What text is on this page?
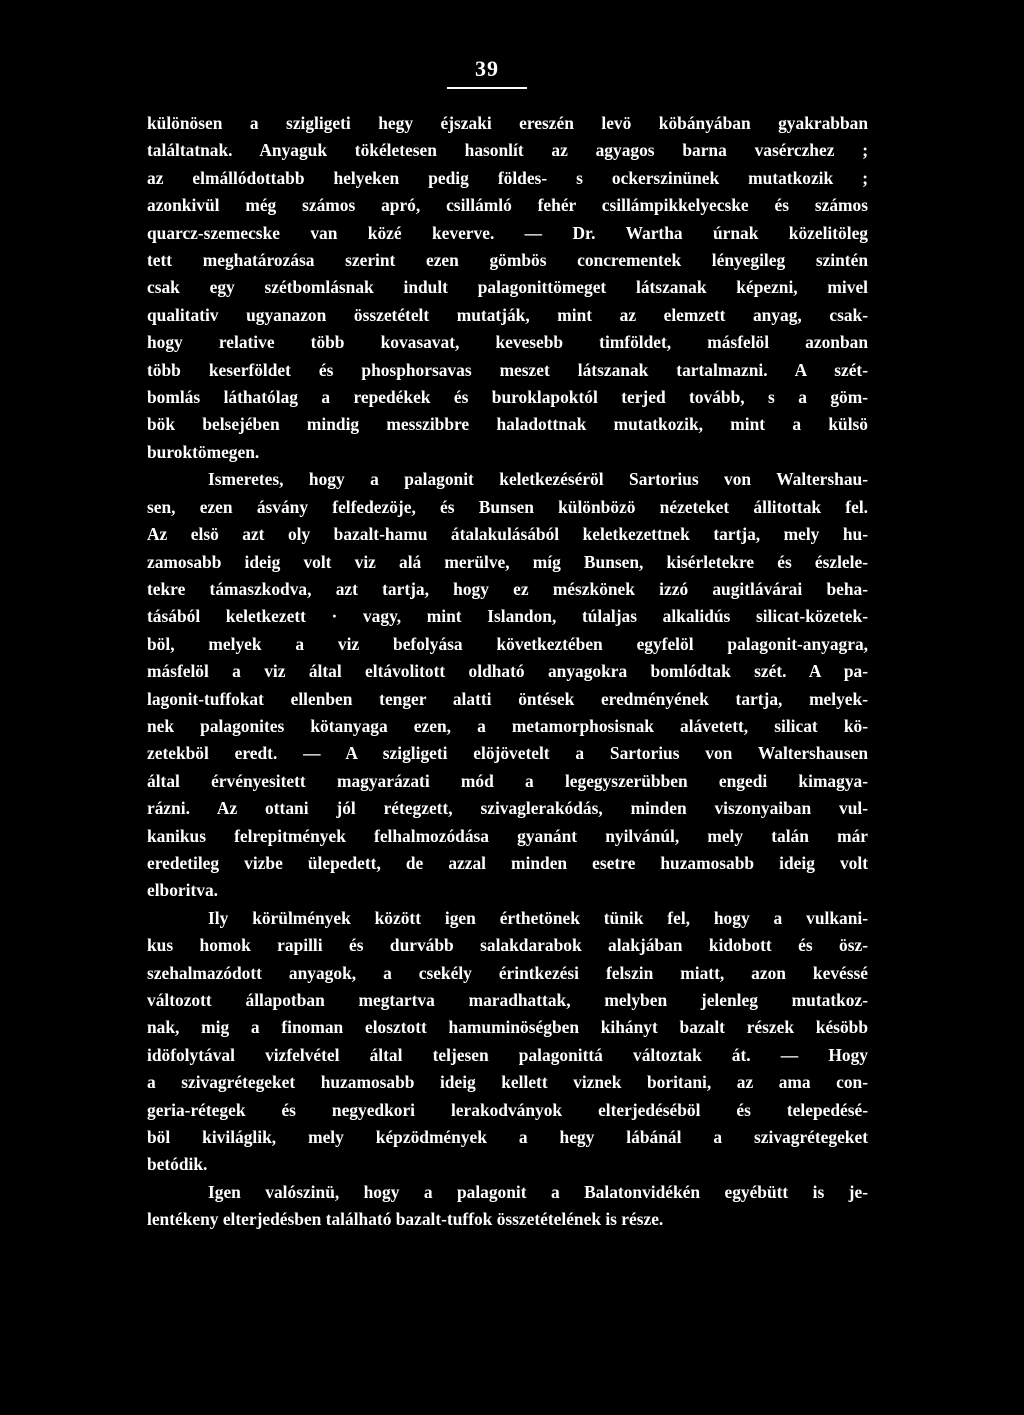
39
különösen a szigligeti hegy éjszaki ereszén levö köbányában gyakrabban
találtatnak. Anyaguk tökéletesen hasonlít az agyagos barna vasérczhez ;
az elmállódottabb helyeken pedig földes- s ockerszinünek mutatkozik ;
azonkivül még számos apró, csillámló fehér csillámpikkelyecske és számos
quarcz-szemecske van közé keverve. — Dr. Wartha úrnak közelitöleg
tett meghatározása szerint ezen gömbös concrementek lényegileg szintén
csak egy szétbomlásnak indult palagonittömeget látszanak képezni, mivel
qualitativ ugyanazon összetételt mutatják, mint az elemzett anyag, csak-
hogy relative több kovasavat, kevesebb timföldet, másfelöl azonban
több keserföldet és phosphorsavas meszet látszanak tartalmazni. A szét-
bomlás láthatólag a repedékek és buroklapoktól terjed tovább, s a göm-
bök belsejében mindig messzibbre haladottnak mutatkozik, mint a külsö
buroktömegen.
Ismeretes, hogy a palagonit keletkezéséröl Sartorius von Waltershau-
sen, ezen ásvány felfedezöje, és Bunsen különbözö nézeteket állitottak fel.
Az elsö azt oly bazalt-hamu átalakulásából keletkezettnek tartja, mely hu-
zamosabb ideig volt viz alá merülve, míg Bunsen, kisérletekre és észlele-
tekre támaszkodva, azt tartja, hogy ez mészkönek izzó augitlávárai beha-
tásából keletkezett · vagy, mint Islandon, túlaljas alkalidús silicat-közetek-
böl, melyek a viz befolyása következtében egyfelöl palagonit-anyagra,
másfelöl a viz által eltávolitott oldható anyagokra bomlódtak szét. A pa-
lagonit-tuffokat ellenben tenger alatti öntések eredményének tartja, melyek-
nek palagonites kötanyaga ezen, a metamorphosisnak alávetett, silicat kö-
zetekböl eredt. — A szigligeti elöjövetelt a Sartorius von Waltershausen
által érvényesitett magyarázati mód a legegyszerübben engedi kimagya-
rázni. Az ottani jól rétegzett, szivaglerakódás, minden viszonyaiban vul-
kanikus felrepitmények felhalmozódása gyanánt nyilvánúl, mely talán már
eredetileg vizbe ülepedett, de azzal minden esetre huzamosabb ideig volt
elboritva.
Ily körülmények között igen érthetönek tünik fel, hogy a vulkani-
kus homok rapilli és durvább salakdarabok alakjában kidobott és ösz-
szehalmazódott anyagok, a csekély érintkezési felszin miatt, azon kevéssé
változott állapotban megtartva maradhattak, melyben jelenleg mutatkoz-
nak, mig a finoman elosztott hamuminöségben kihányt bazalt részek késöbb
idöfolytával vizfelvétel által teljesen palagonittá változtak át. — Hogy
a szivagrétegeket huzamosabb ideig kellett viznek boritani, az ama con-
geria-rétegek és negyedkori lerakodványok elterjedéséböl és telepedésé-
böl kiviláglik, mely képzödmények a hegy lábánál a szivagrétegeket
betódik.
Igen valószinü, hogy a palagonit a Balatonvidékén egyébütt is je-
lentékeny elterjedésben található bazalt-tuffok összetételének is része.
